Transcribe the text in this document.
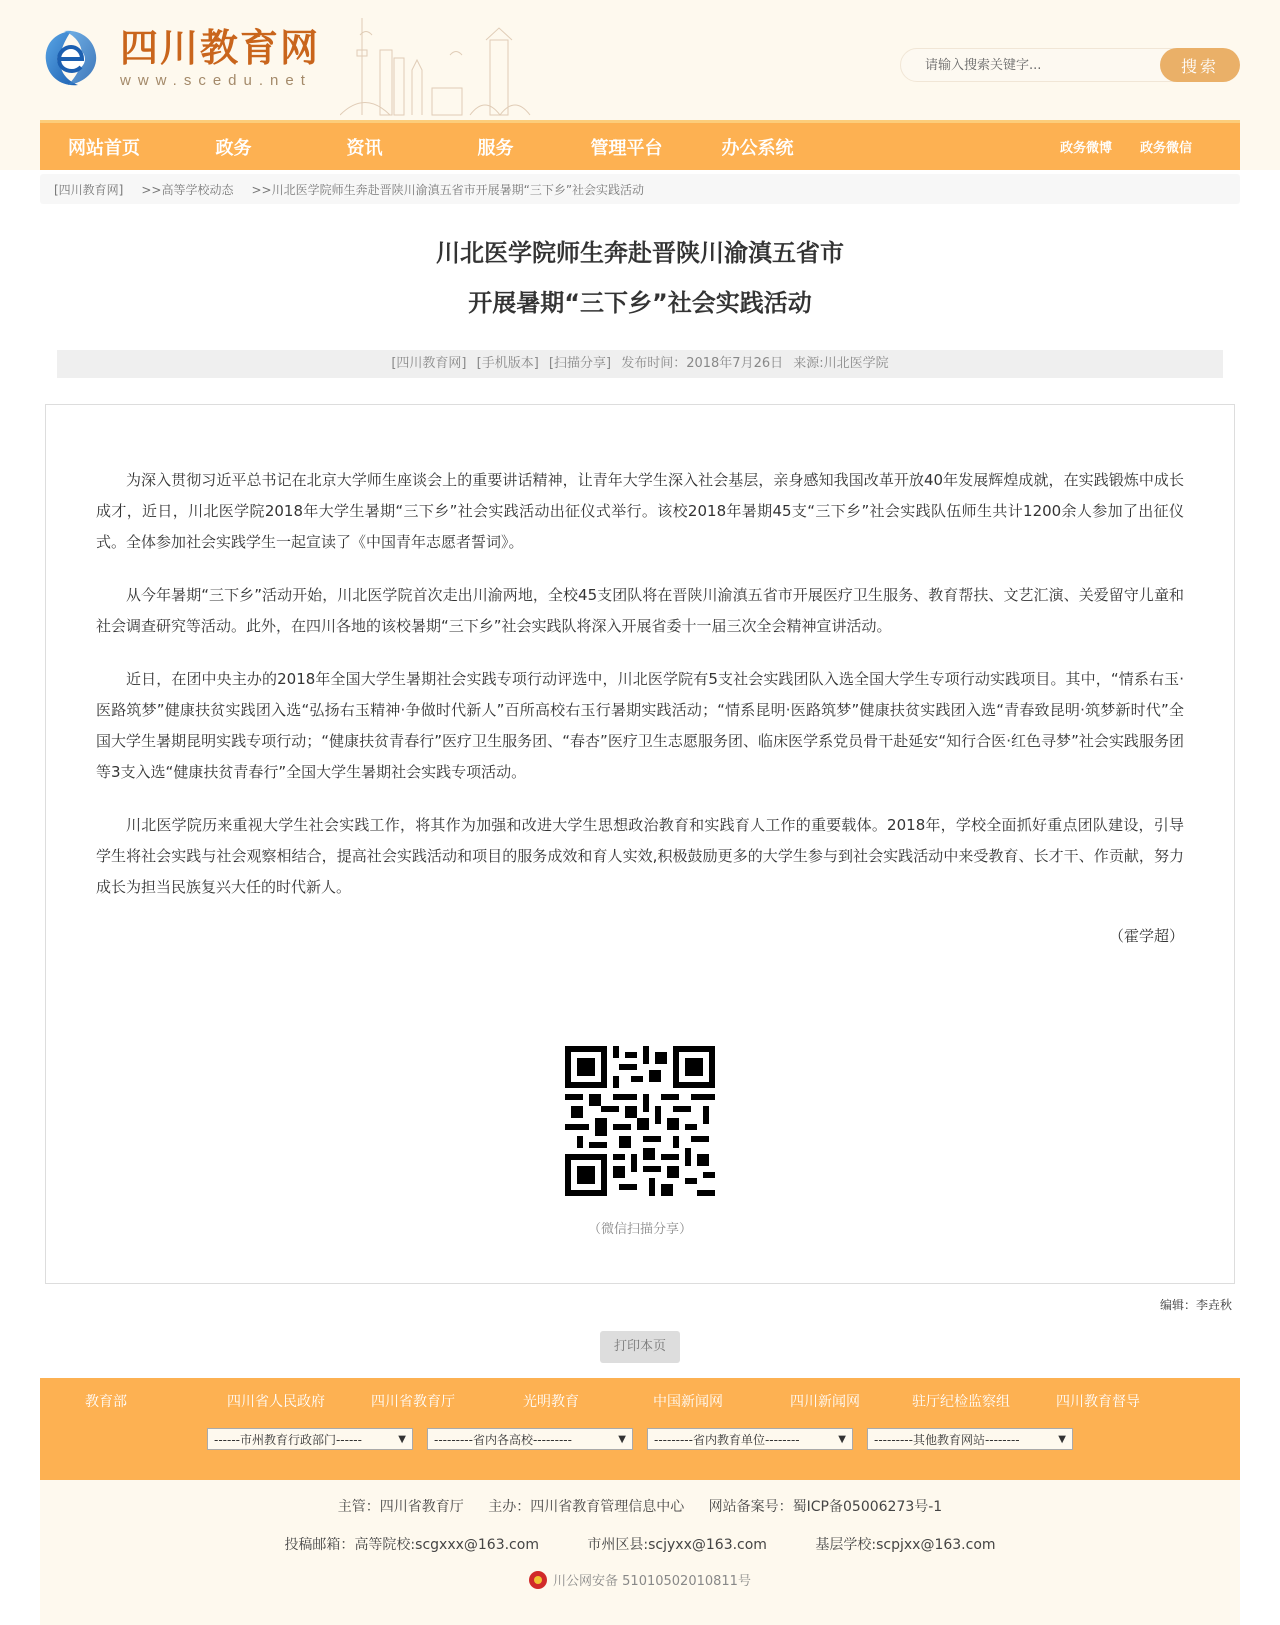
四川教育网
www.scedu.net
请输入搜索关键字...
搜索
网站首页	政务	资讯	服务	管理平台	办公系统	政务微博 政务微信
[四川教育网] >>高等学校动态 >>川北医学院师生奔赴晋陕川渝滇五省市开展暑期“三下乡”社会实践活动
川北医学院师生奔赴晋陕川渝滇五省市
开展暑期“三下乡”社会实践活动
[四川教育网] [手机版本] [扫描分享] 发布时间：2018年7月26日 来源:川北医学院

为深入贯彻习近平总书记在北京大学师生座谈会上的重要讲话精神，让青年大学生深入社会基层，亲身感知我国改革开放40年发展辉煌成就，在实践锻炼中成长成才，近日，川北医学院2018年大学生暑期“三下乡”社会实践活动出征仪式举行。该校2018年暑期45支“三下乡”社会实践队伍师生共计1200余人参加了出征仪式。全体参加社会实践学生一起宣读了《中国青年志愿者誓词》。

从今年暑期“三下乡”活动开始，川北医学院首次走出川渝两地，全校45支团队将在晋陕川渝滇五省市开展医疗卫生服务、教育帮扶、文艺汇演、关爱留守儿童和社会调查研究等活动。此外，在四川各地的该校暑期“三下乡”社会实践队将深入开展省委十一届三次全会精神宣讲活动。

近日，在团中央主办的2018年全国大学生暑期社会实践专项行动评选中，川北医学院有5支社会实践团队入选全国大学生专项行动实践项目。其中，“情系右玉·医路筑梦”健康扶贫实践团入选“弘扬右玉精神·争做时代新人”百所高校右玉行暑期实践活动；“情系昆明·医路筑梦”健康扶贫实践团入选“青春致昆明·筑梦新时代”全国大学生暑期昆明实践专项行动；“健康扶贫青春行”医疗卫生服务团、“春杏”医疗卫生志愿服务团、临床医学系党员骨干赴延安“知行合医·红色寻梦”社会实践服务团等3支入选“健康扶贫青春行”全国大学生暑期社会实践专项活动。

川北医学院历来重视大学生社会实践工作，将其作为加强和改进大学生思想政治教育和实践育人工作的重要载体。2018年，学校全面抓好重点团队建设，引导学生将社会实践与社会观察相结合，提高社会实践活动和项目的服务成效和育人实效,积极鼓励更多的大学生参与到社会实践活动中来受教育、长才干、作贡献，努力成长为担当民族复兴大任的时代新人。

（霍学超）
（微信扫描分享）
编辑：李垚秋
打印本页
教育部	四川省人民政府	四川省教育厅	光明教育	中国新闻网	四川新闻网	驻厅纪检监察组	四川教育督导
------市州教育行政部门------	▼ ---------省内各高校---------	▼ ---------省内教育单位--------	▼ ---------其他教育网站--------	▼
主管：四川省教育厅 主办：四川省教育管理信息中心 网站备案号：蜀ICP备05006273号-1
投稿邮箱：高等院校:scgxxx@163.com	市州区县:scjyxx@163.com	基层学校:scpjxx@163.com
川公网安备 51010502010811号
